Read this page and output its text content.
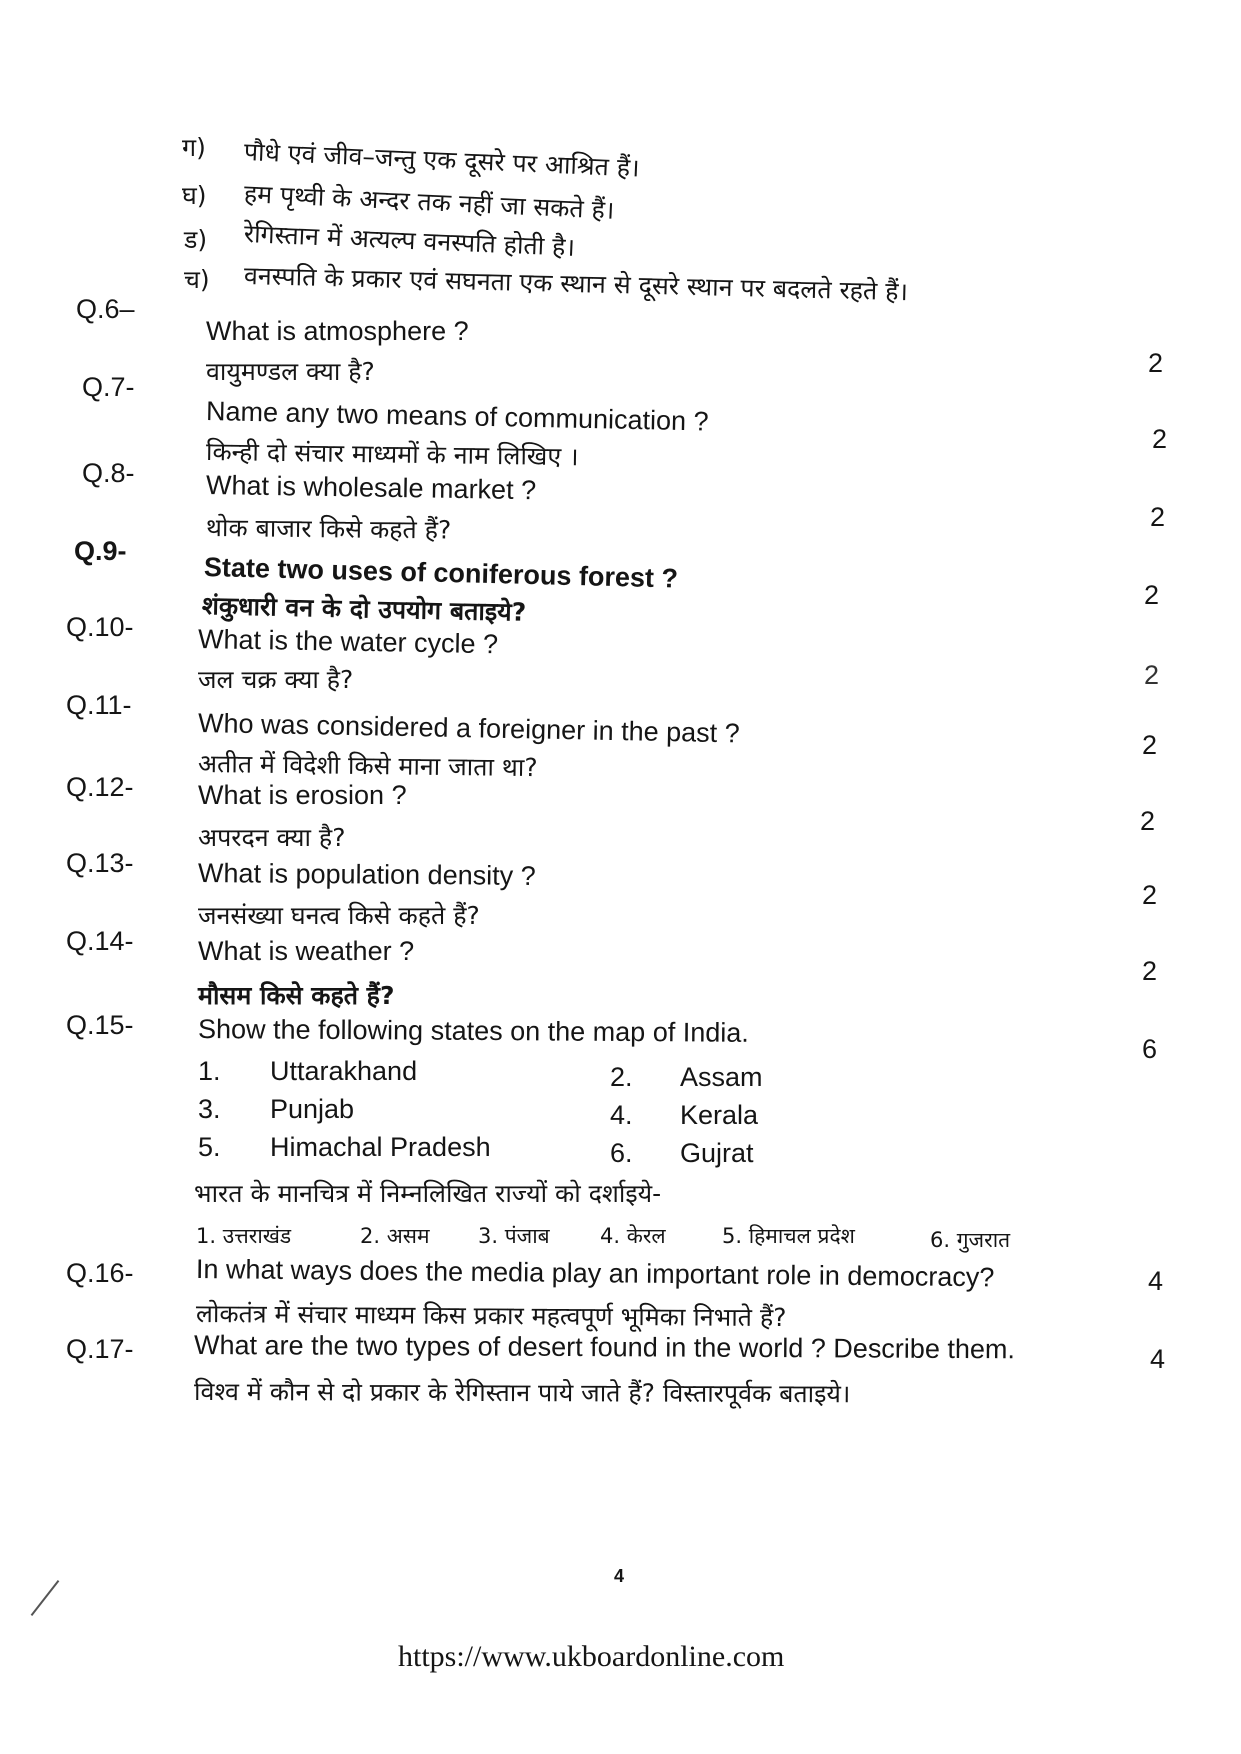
ग) पौधे एवं जीव–जन्तु एक दूसरे पर आश्रित हैं।
घ) हम पृथ्वी के अन्दर तक नहीं जा सकते हैं।
ड) रेगिस्तान में अत्यल्प वनस्पति होती है।
च) वनस्पति के प्रकार एवं सघनता एक स्थान से दूसरे स्थान पर बदलते रहते हैं।
Q.6–
What is atmosphere ?
वायुमण्डल क्या है?	2
Q.7-
Name any two means of communication ?
किन्ही दो संचार माध्यमों के नाम लिखिए ।	2
Q.8-	What is wholesale market ?
थोक बाजार किसे कहते हैं?	2
Q.9-
State two uses of coniferous forest ?
शंकुधारी वन के दो उपयोग बताइये?	2
Q.10- What is the water cycle ?
जल चक्र क्या है?	2
Q.11-
Who was considered a foreigner in the past ?
अतीत में विदेशी किसे माना जाता था?
2
Q.12- What is erosion ?
अपरदन क्या है?
2
Q.13- What is population density ?
जनसंख्या घनत्व किसे कहते हैं?
2
Q.14- What is weather ?
मौसम किसे कहते हैं?
2
Q.15- Show the following states on the map of India.
6
1. Uttarakhand	2. Assam
3. Punjab	4. Kerala
5. Himachal Pradesh	6. Gujrat
भारत के मानचित्र में निम्नलिखित राज्यों को दर्शाइये-
1. उत्तराखंड	2. असम 3. पंजाब 4. केरल	5. हिमाचल प्रदेश	6. गुजरात
Q.16- In what ways does the media play an important role in democracy?
लोकतंत्र में संचार माध्यम किस प्रकार महत्वपूर्ण भूमिका निभाते हैं?
4
Q.17- What are the two types of desert found in the world ? Describe them.
विश्व में कौन से दो प्रकार के रेगिस्तान पाये जाते हैं? विस्तारपूर्वक बताइये।
4
4
https://www.ukboardonline.com
